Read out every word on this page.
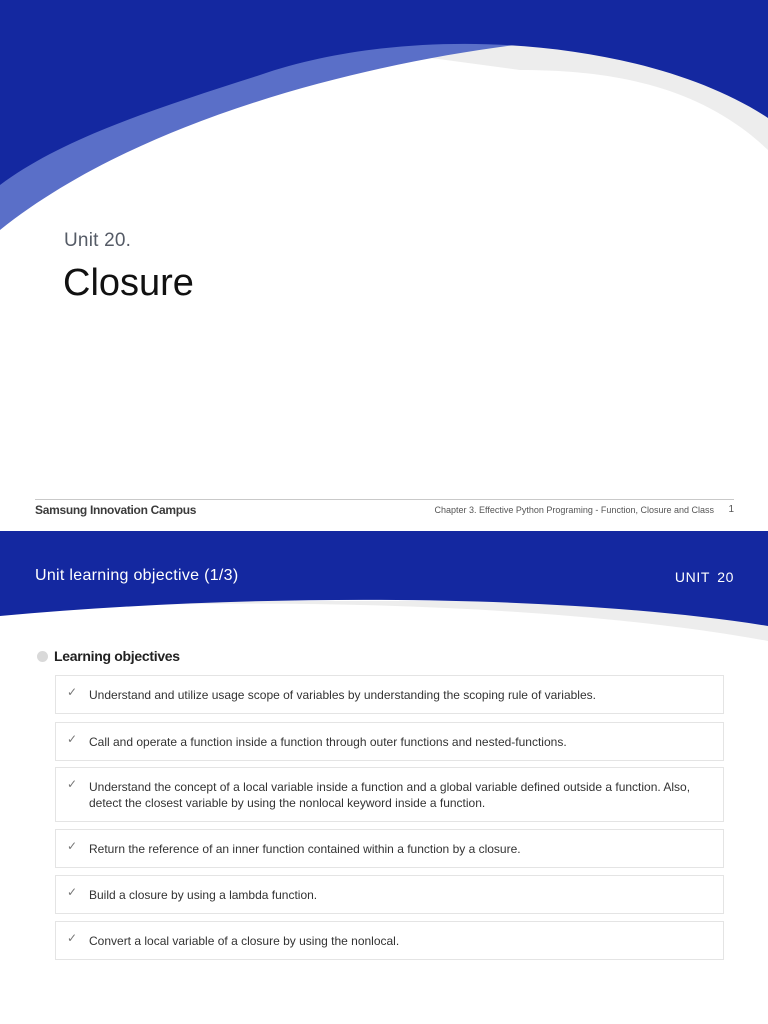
Unit 20.
Closure
Samsung Innovation Campus	Chapter 3. Effective Python Programing - Function, Closure and Class 1
Unit learning objective (1/3)	UNIT 20
Learning objectives
✓ Understand and utilize usage scope of variables by understanding the scoping rule of variables.
✓ Call and operate a function inside a function through outer functions and nested-functions.
✓ Understand the concept of a local variable inside a function and a global variable defined outside a function. Also, detect the closest variable by using the nonlocal keyword inside a function.
✓ Return the reference of an inner function contained within a function by a closure.
✓ Build a closure by using a lambda function.
✓ Convert a local variable of a closure by using the nonlocal.
